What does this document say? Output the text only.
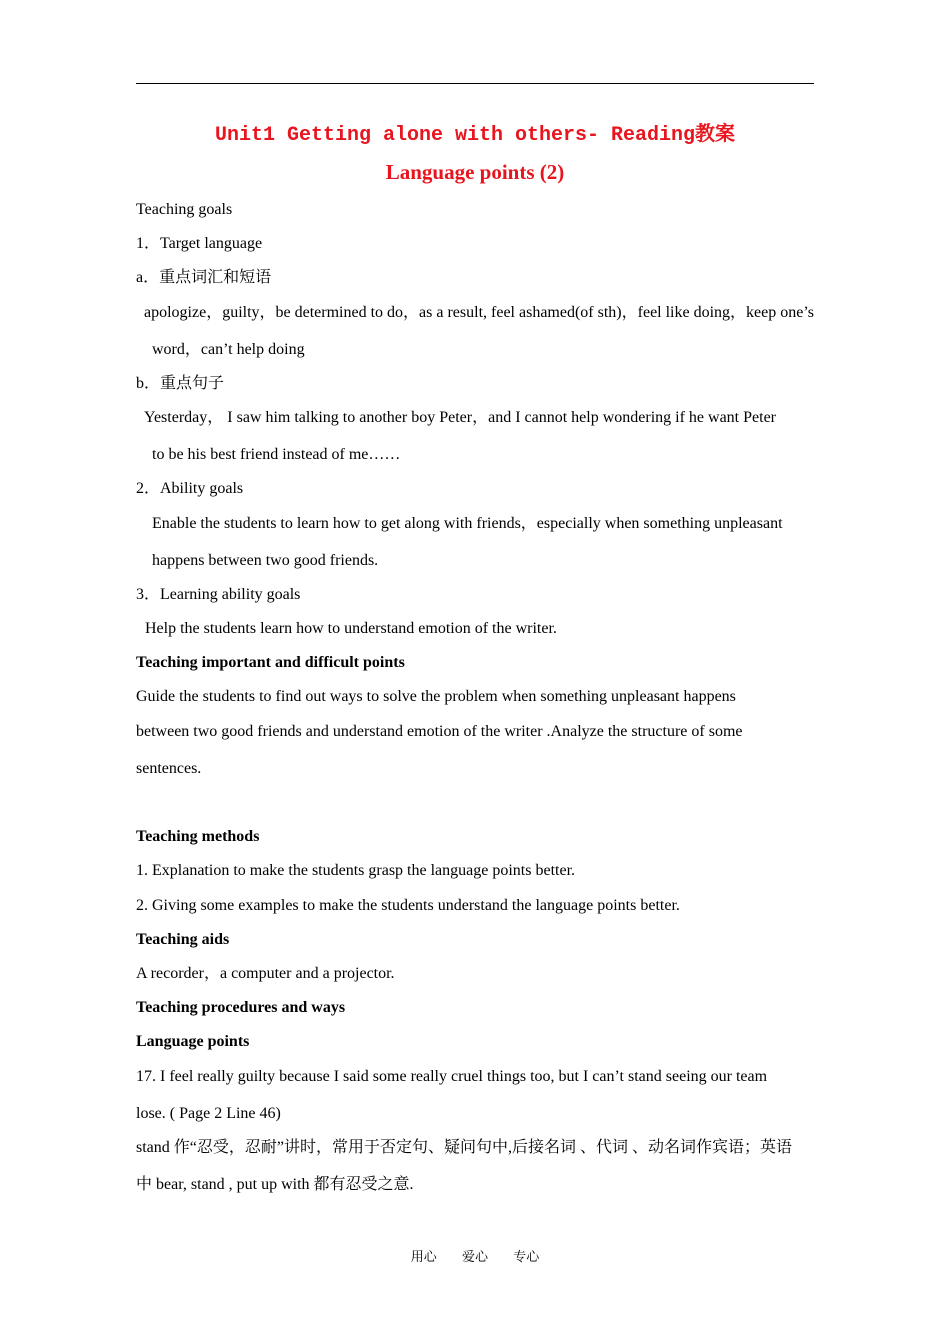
Unit1 Getting alone with others- Reading教案
Language points (2)
Teaching goals
1．Target language
a．重点词汇和短语
apologize，guilty，be determined to do，as a result, feel ashamed(of sth)，feel like doing，keep one’s
word，can’t help doing
b．重点句子
Yesterday， I saw him talking to another boy Peter，and I cannot help wondering if he want Peter
to be his best friend instead of me……
2．Ability goals
Enable the students to learn how to get along with friends，especially when something unpleasant
happens between two good friends.
3．Learning ability goals
Help the students learn how to understand emotion of the writer.
Teaching important and difficult points
Guide the students to find out ways to solve the problem when something unpleasant happens
between two good friends and understand emotion of the writer .Analyze the structure of some
sentences.
Teaching methods
1. Explanation to make the students grasp the language points better.
2. Giving some examples to make the students understand the language points better.
Teaching aids
A recorder，a computer and a projector.
Teaching procedures and ways
Language points
17. I feel really guilty because I said some really cruel things too, but I can’t stand seeing our team
lose. ( Page 2 Line 46)
stand 作“忍受，忍耐”讲时，常用于否定句、疑问句中,后接名词 、代词 、动名词作宾语；英语
中 bear, stand , put up with 都有忍受之意.
用心 爱心 专心
